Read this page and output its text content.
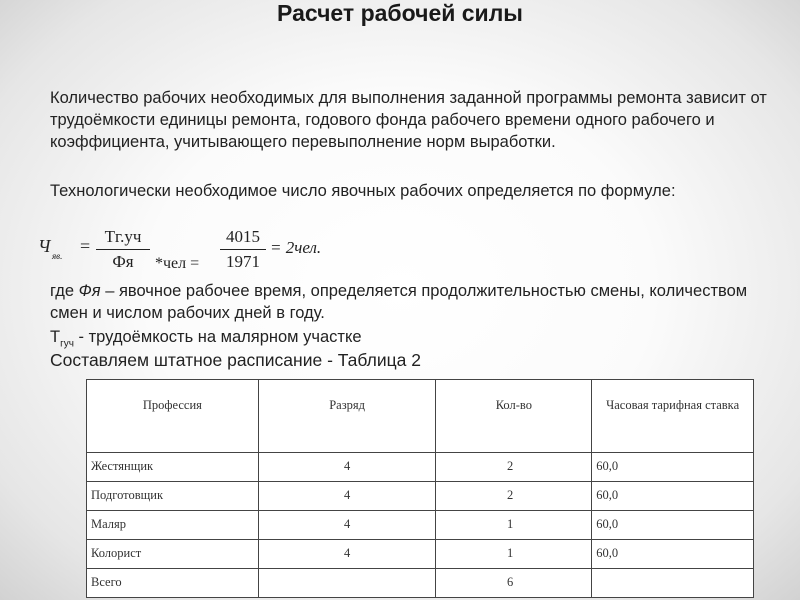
Расчет рабочей силы
Количество рабочих необходимых для выполнения заданной программы ремонта зависит от трудоёмкости единицы ремонта, годового фонда рабочего времени одного рабочего и коэффициента, учитывающего перевыполнение норм выработки.
Технологически необходимое число явочных рабочих определяется по формуле:
Ч яв. = Тг.уч
Фя	*чел =
4015
1971
= 2чел.
где Фя – явочное рабочее время, определяется продолжительностью смены, количеством смен и числом рабочих дней в году.
$Т_{гуч}$ - трудоёмкость на малярном участке
Составляем штатное расписание - Таблица 2
Профессия	Разряд	Кол-во	Часовая тарифная ставка
Жестянщик	4	2	60,0
Подготовщик	4	2	60,0
Маляр	4	1	60,0
Колорист	4	1	60,0
Всего		6	
